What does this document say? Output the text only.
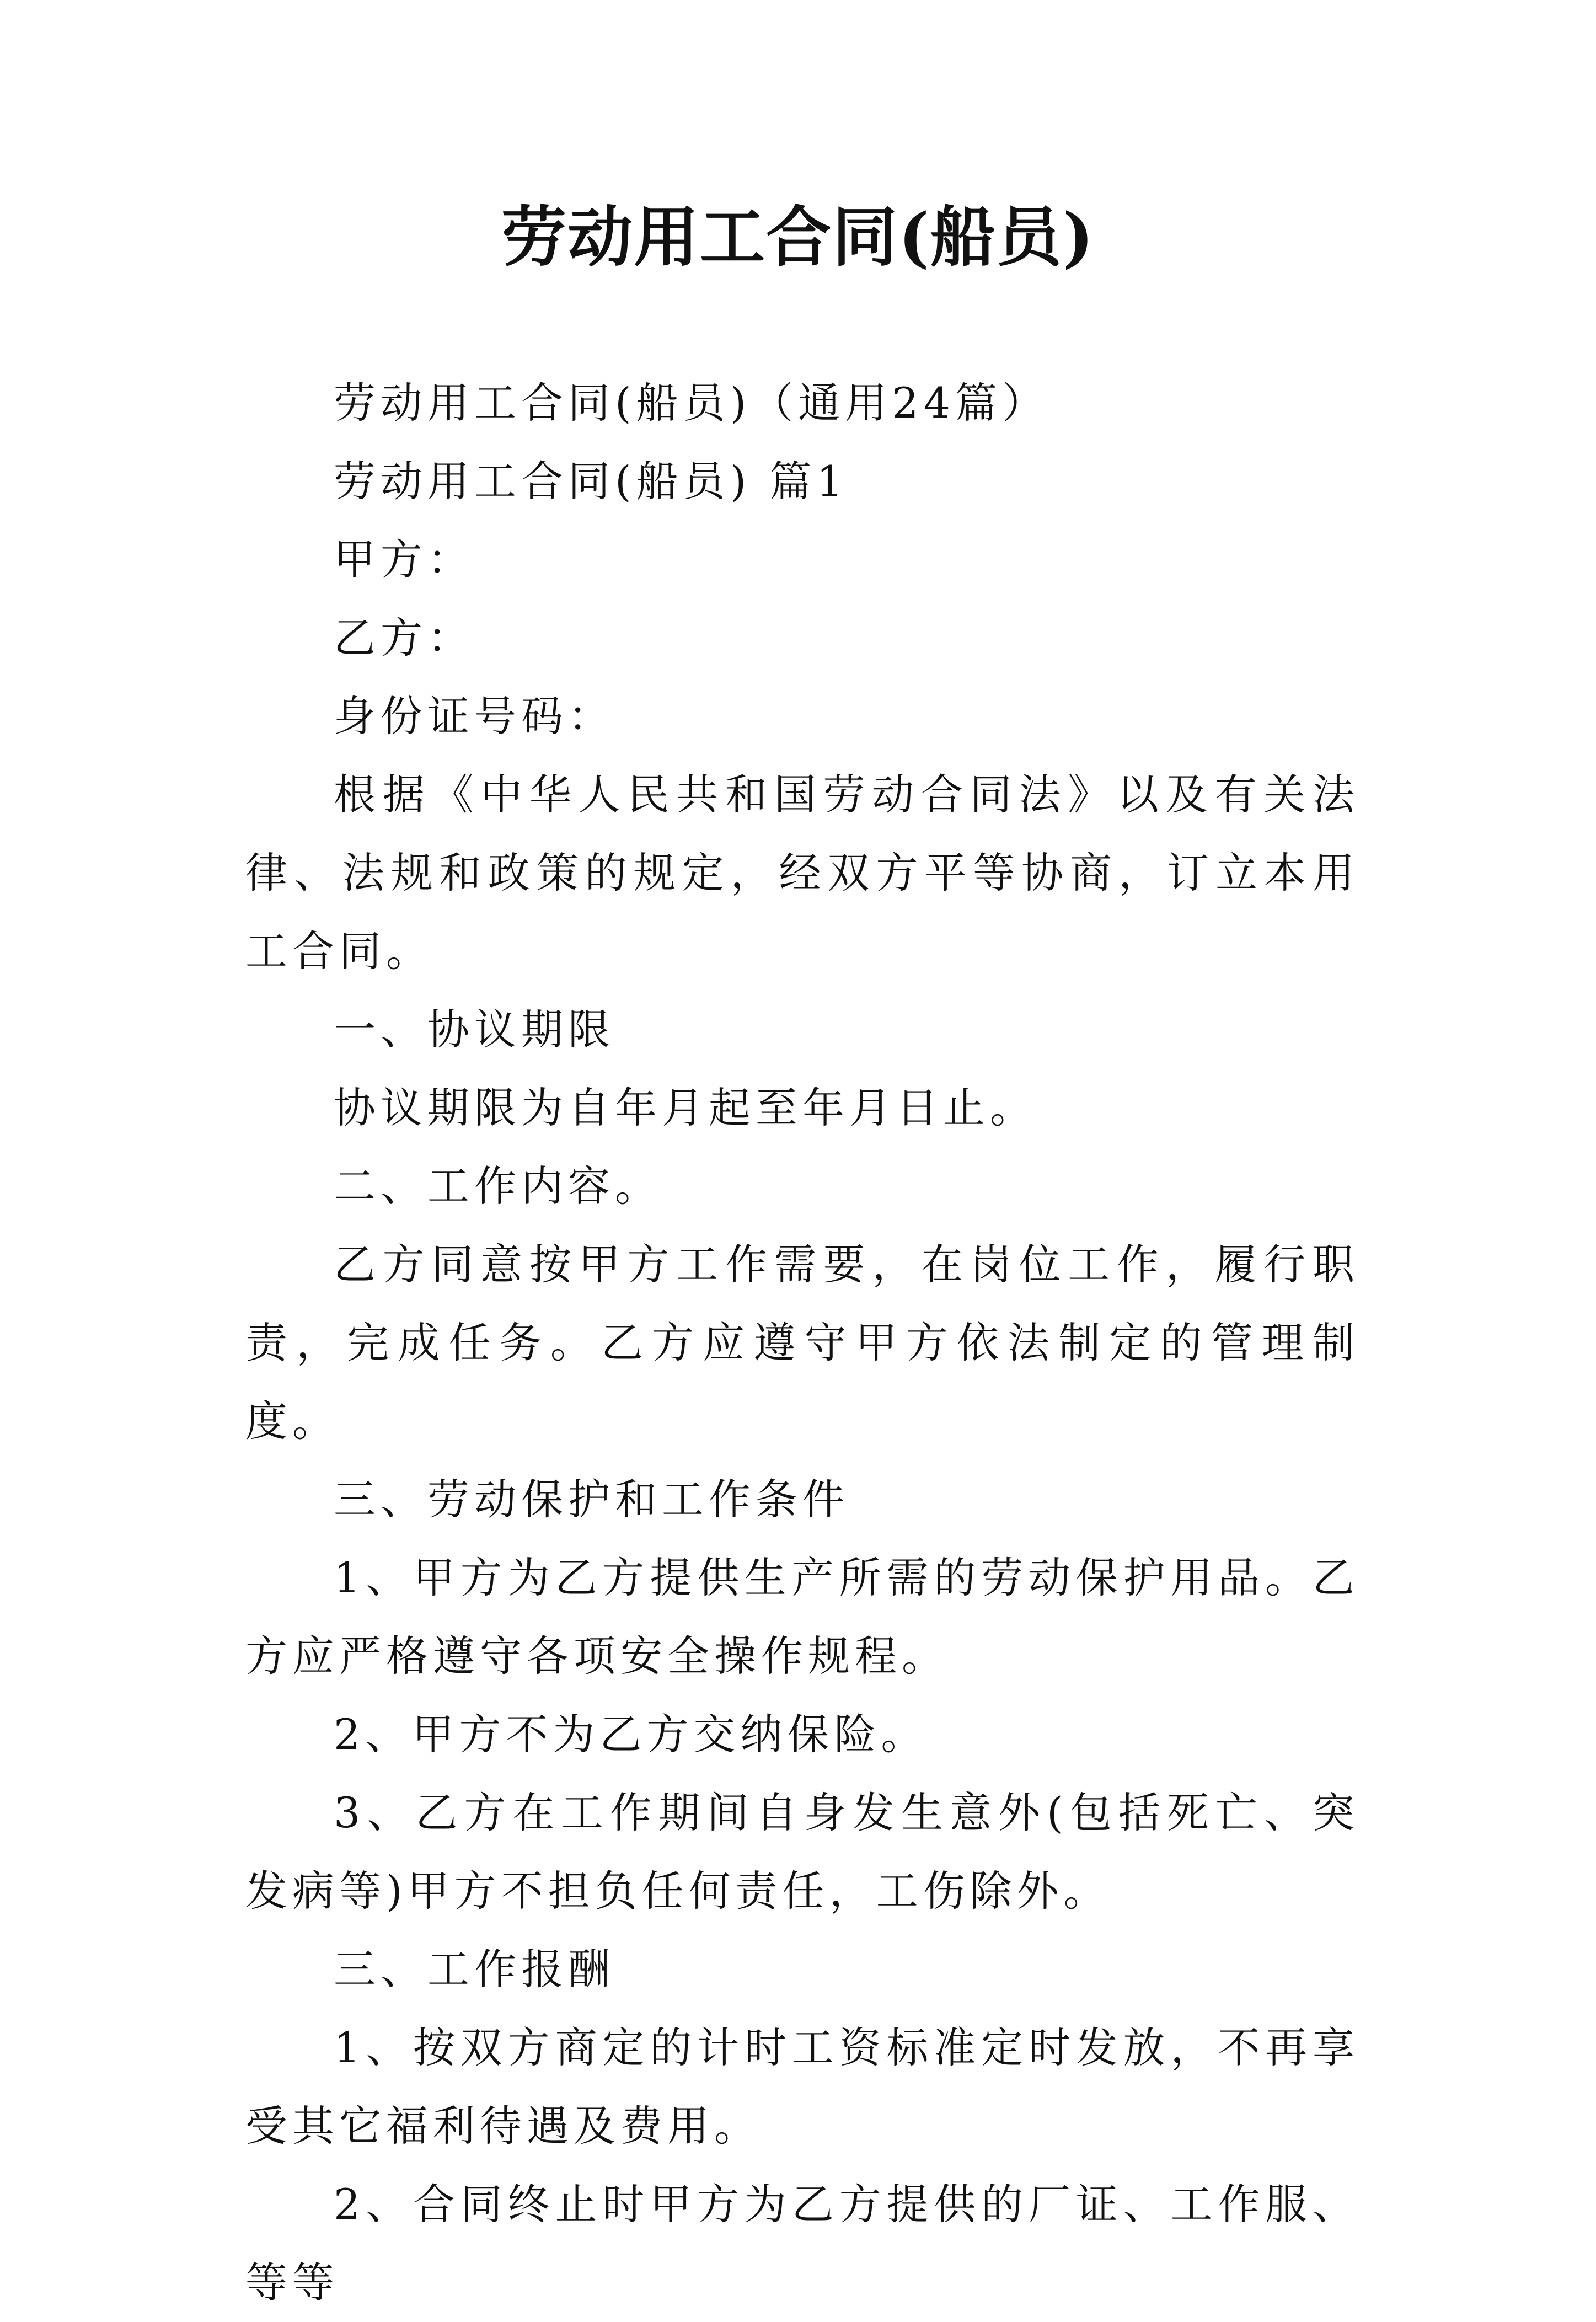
劳动用工合同(船员)

劳动用工合同(船员)（通用24篇）

劳动用工合同(船员) 篇1

甲方：

乙方：

身份证号码：

根据《中华人民共和国劳动合同法》以及有关法律、法规和政策的规定，经双方平等协商，订立本用工合同。

一、协议期限

协议期限为自年月起至年月日止。

二、工作内容。

乙方同意按甲方工作需要，在岗位工作，履行职责，完成任务。乙方应遵守甲方依法制定的管理制度。

三、劳动保护和工作条件

1、甲方为乙方提供生产所需的劳动保护用品。乙方应严格遵守各项安全操作规程。

2、甲方不为乙方交纳保险。

3、乙方在工作期间自身发生意外(包括死亡、突发病等)甲方不担负任何责任，工伤除外。

三、工作报酬

1、按双方商定的计时工资标准定时发放，不再享受其它福利待遇及费用。

2、合同终止时甲方为乙方提供的厂证、工作服、等等
